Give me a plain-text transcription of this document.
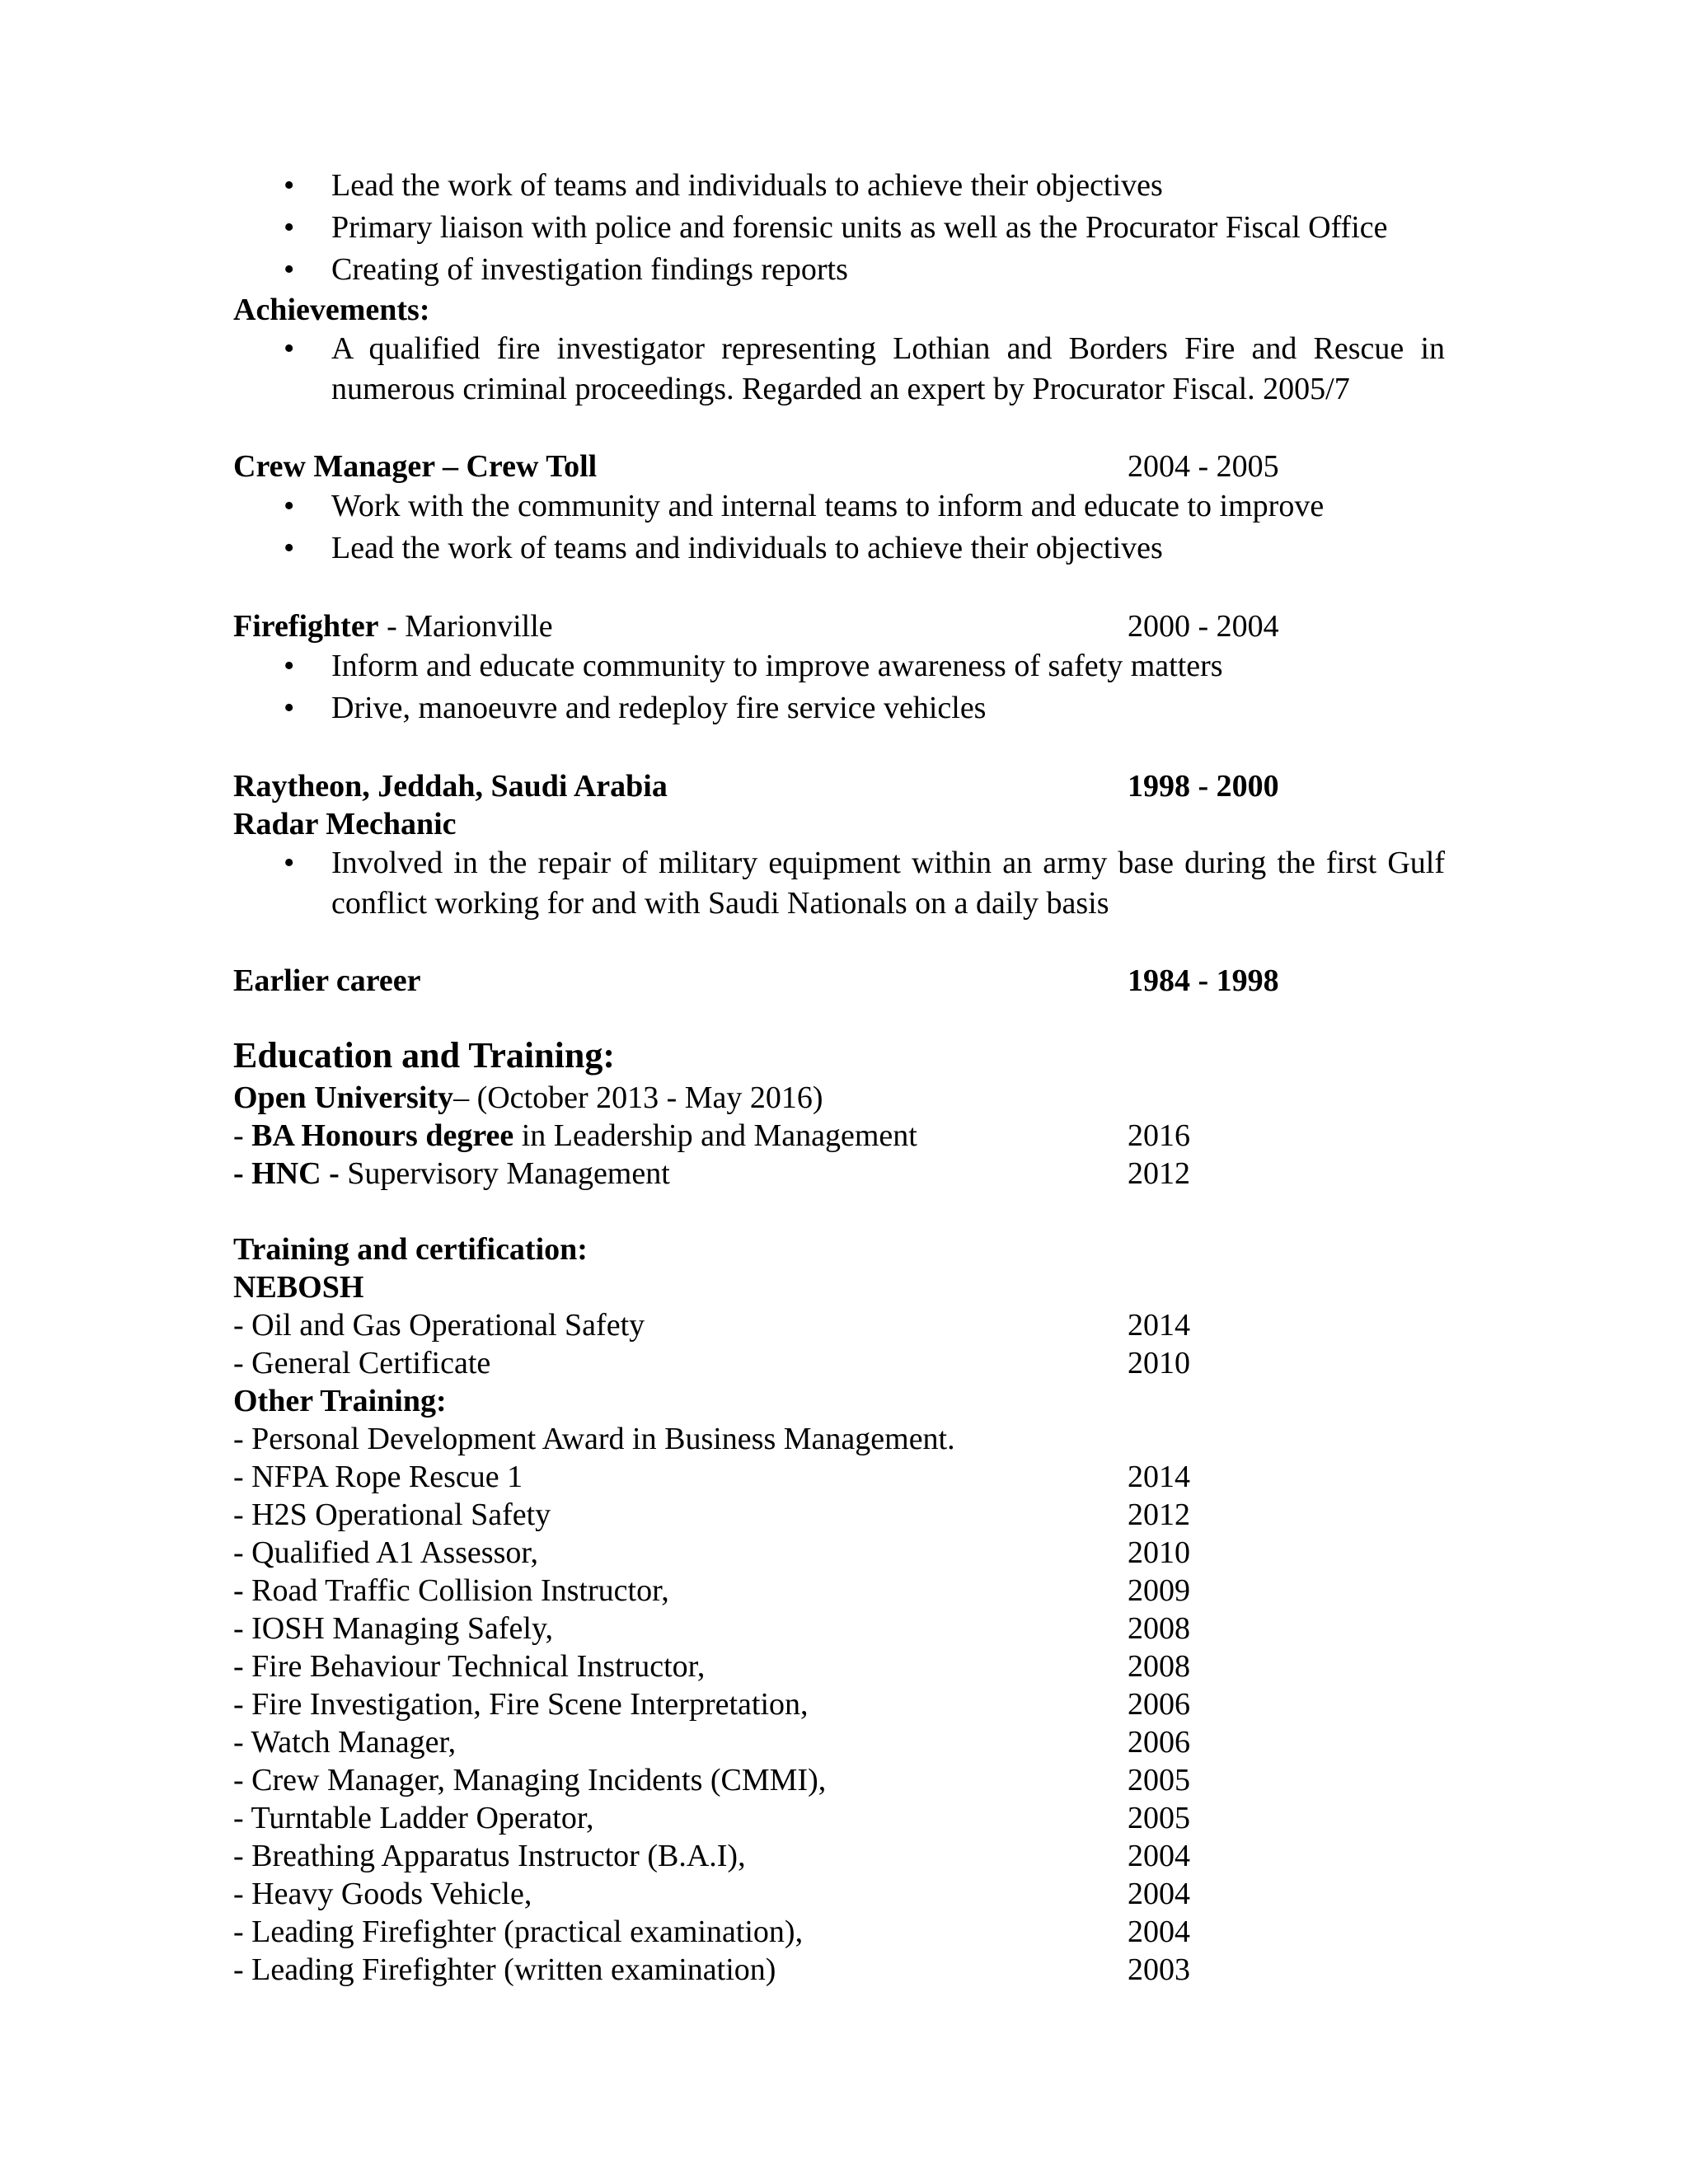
• Lead the work of teams and individuals to achieve their objectives
• Primary liaison with police and forensic units as well as the Procurator Fiscal Office
• Creating of investigation findings reports
Achievements:
• A qualified fire investigator representing Lothian and Borders Fire and Rescue in numerous criminal proceedings. Regarded an expert by Procurator Fiscal. 2005/7
Crew Manager – Crew Toll	2004 - 2005
• Work with the community and internal teams to inform and educate to improve
• Lead the work of teams and individuals to achieve their objectives
Firefighter - Marionville	2000 - 2004
• Inform and educate community to improve awareness of safety matters
• Drive, manoeuvre and redeploy fire service vehicles
Raytheon, Jeddah, Saudi Arabia	1998 - 2000
Radar Mechanic
• Involved in the repair of military equipment within an army base during the first Gulf conflict working for and with Saudi Nationals on a daily basis
Earlier career	1984 - 1998
Education and Training:
Open University – (October 2013 - May 2016)
- BA Honours degree in Leadership and Management	2016
- HNC - Supervisory Management	2012
Training and certification:
NEBOSH
- Oil and Gas Operational Safety	2014
- General Certificate	2010
Other Training:
- Personal Development Award in Business Management.
- NFPA Rope Rescue 1	2014
- H2S Operational Safety	2012
- Qualified A1 Assessor,	2010
- Road Traffic Collision Instructor,	2009
- IOSH Managing Safely,	2008
- Fire Behaviour Technical Instructor,	2008
- Fire Investigation, Fire Scene Interpretation,	2006
- Watch Manager,	2006
- Crew Manager, Managing Incidents (CMMI),	2005
- Turntable Ladder Operator,	2005
- Breathing Apparatus Instructor (B.A.I),	2004
- Heavy Goods Vehicle,	2004
- Leading Firefighter (practical examination),	2004
- Leading Firefighter (written examination)	2003
